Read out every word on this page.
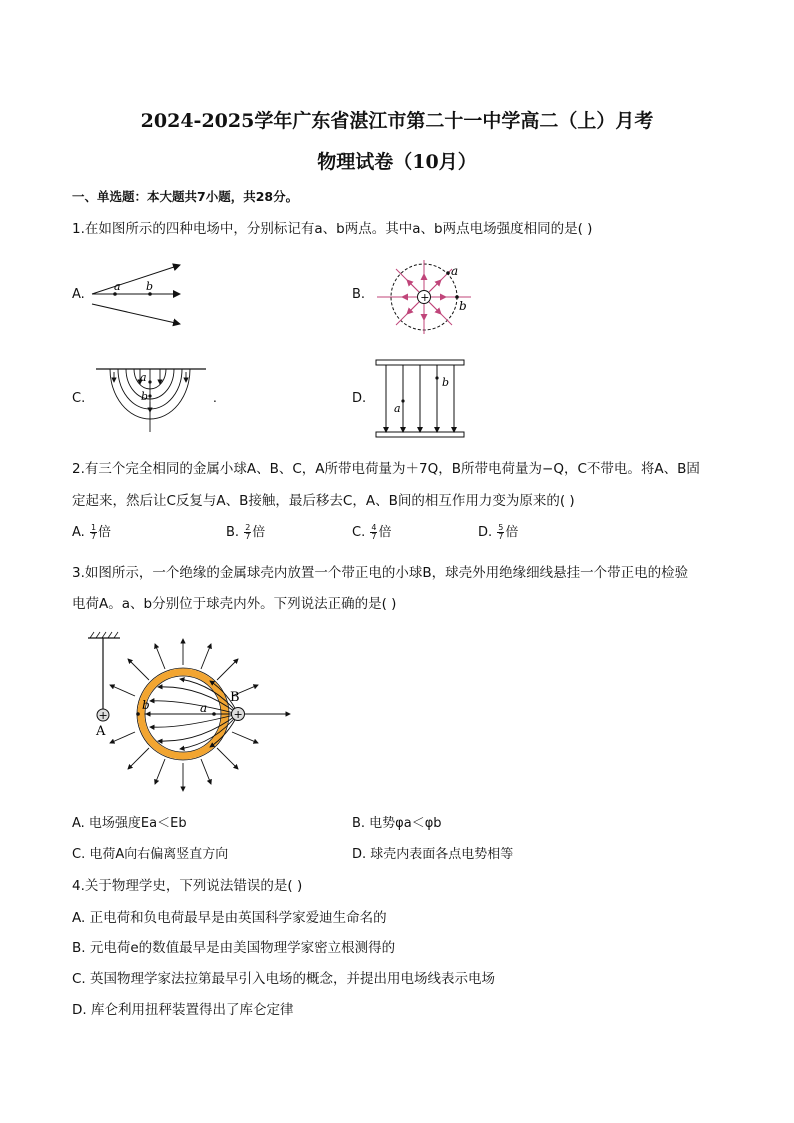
2024-2025学年广东省湛江市第二十一中学高二（上）月考
物理试卷（10月）
一、单选题：本大题共7小题，共28分。
1.在如图所示的四种电场中，分别标记有a、b两点。其中a、b两点电场强度相同的是( )
A.
a b
B.	+
a
b
C.
a
b	.	D.
a
b
2.有三个完全相同的金属小球A、B、C，A所带电荷量为＋7Q，B所带电荷量为−Q，C不带电。将A、B固
定起来，然后让C反复与A、B接触，最后移去C，A、B间的相互作用力变为原来的( )
A. $\frac{1}{7}$ 倍	B. $\frac{2}{7}$ 倍	C. $\frac{4}{7}$ 倍	D. $\frac{5}{7}$ 倍
3.如图所示，一个绝缘的金属球壳内放置一个带正电的小球B，球壳外用绝缘细线悬挂一个带正电的检验
电荷A。a、b分别位于球壳内外。下列说法正确的是( )
+
A
+
B
a
b
A. 电场强度Ea＜Eb	B. 电势φa＜φb
C. 电荷A向右偏离竖直方向	D. 球壳内表面各点电势相等
4.关于物理学史，下列说法错误的是( )
A. 正电荷和负电荷最早是由英国科学家爱迪生命名的
B. 元电荷e的数值最早是由美国物理学家密立根测得的
C. 英国物理学家法拉第最早引入电场的概念，并提出用电场线表示电场
D. 库仑利用扭秤装置得出了库仑定律
